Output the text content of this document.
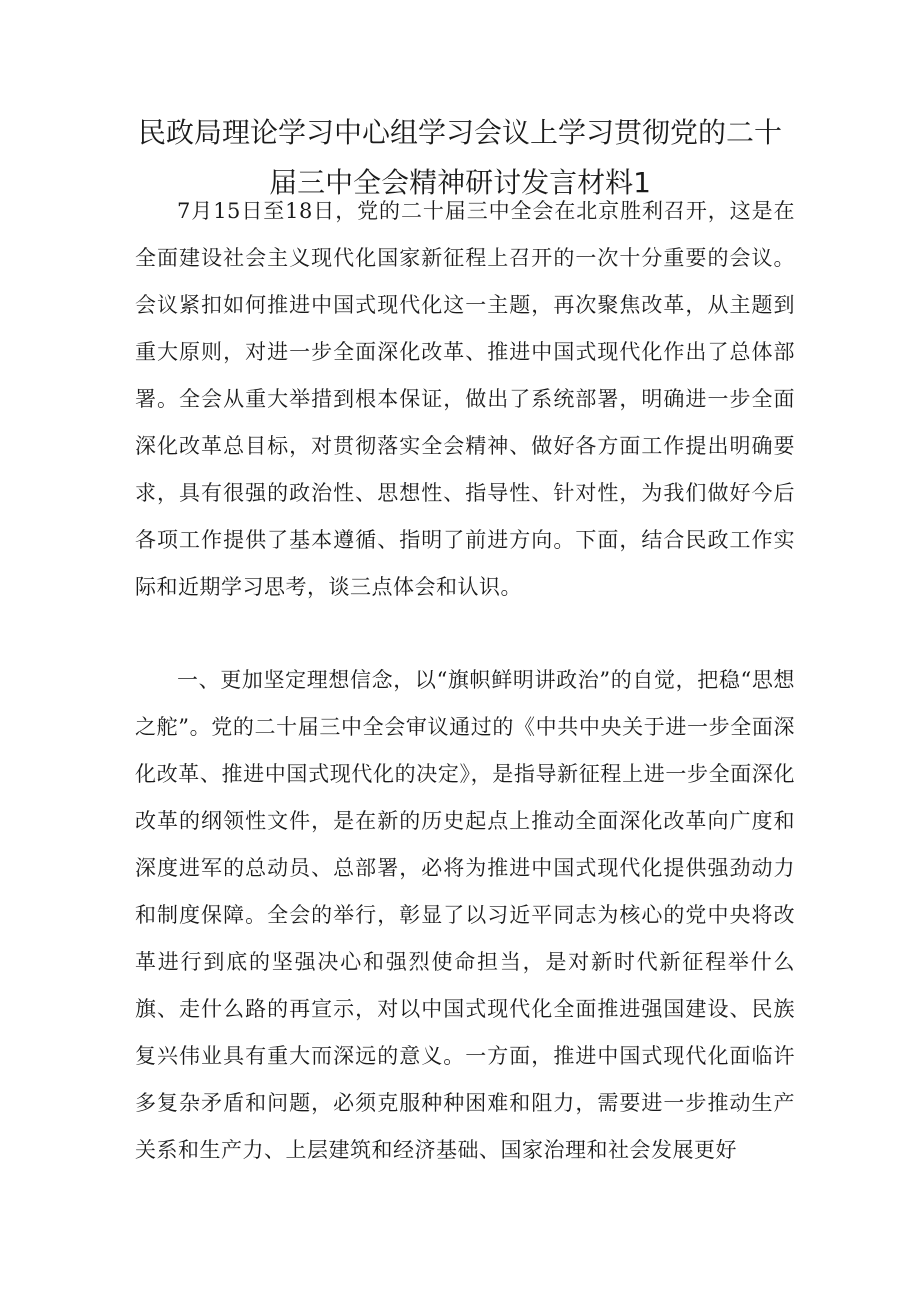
民政局理论学习中心组学习会议上学习贯彻党的二十届三中全会精神研讨发言材料1

7月15日至18日，党的二十届三中全会在北京胜利召开，这是在全面建设社会主义现代化国家新征程上召开的一次十分重要的会议。会议紧扣如何推进中国式现代化这一主题，再次聚焦改革，从主题到重大原则，对进一步全面深化改革、推进中国式现代化作出了总体部署。全会从重大举措到根本保证，做出了系统部署，明确进一步全面深化改革总目标，对贯彻落实全会精神、做好各方面工作提出明确要求，具有很强的政治性、思想性、指导性、针对性，为我们做好今后各项工作提供了基本遵循、指明了前进方向。下面，结合民政工作实际和近期学习思考，谈三点体会和认识。

一、更加坚定理想信念，以“旗帜鲜明讲政治”的自觉，把稳“思想之舵”。党的二十届三中全会审议通过的《中共中央关于进一步全面深化改革、推进中国式现代化的决定》，是指导新征程上进一步全面深化改革的纲领性文件，是在新的历史起点上推动全面深化改革向广度和深度进军的总动员、总部署，必将为推进中国式现代化提供强劲动力和制度保障。全会的举行，彰显了以习近平同志为核心的党中央将改革进行到底的坚强决心和强烈使命担当，是对新时代新征程举什么旗、走什么路的再宣示，对以中国式现代化全面推进强国建设、民族复兴伟业具有重大而深远的意义。一方面，推进中国式现代化面临许多复杂矛盾和问题，必须克服种种困难和阻力，需要进一步推动生产关系和生产力、上层建筑和经济基础、国家治理和社会发展更好
